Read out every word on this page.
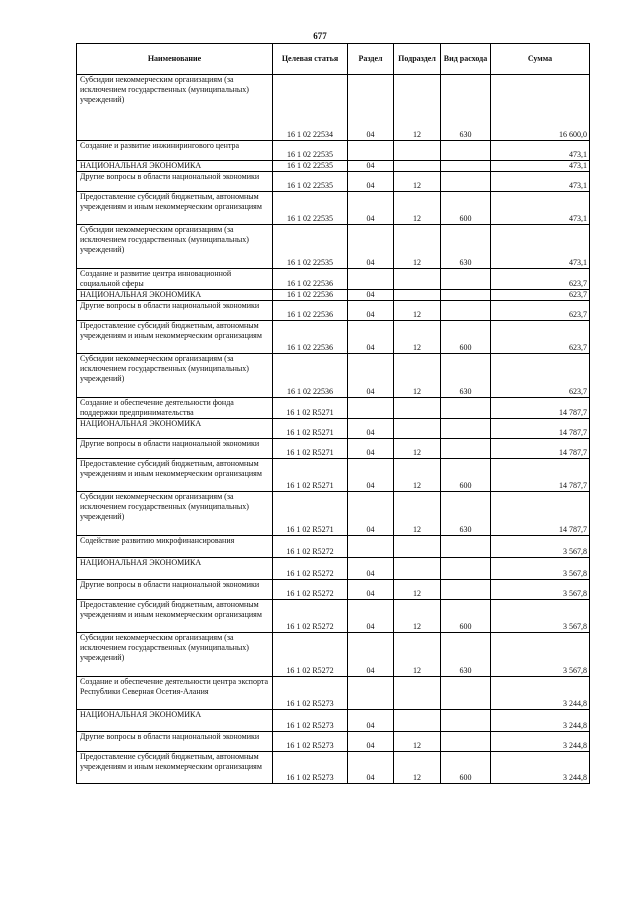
677
Наименование	Целевая статья	Раздел	Подраздел	Вид расхода	Сумма
Субсидии некоммерческим организациям (за исключением государственных (муниципальных) учреждений)	16 1 02 22534	04	12	630	16 600,0
Создание и развитие инжинирингового центра	16 1 02 22535				473,1
НАЦИОНАЛЬНАЯ ЭКОНОМИКА	16 1 02 22535	04			473,1
Другие вопросы в области национальной экономики	16 1 02 22535	04	12		473,1
Предоставление субсидий бюджетным, автономным учреждениям и иным некоммерческим организациям	16 1 02 22535	04	12	600	473,1
Субсидии некоммерческим организациям (за исключением государственных (муниципальных) учреждений)	16 1 02 22535	04	12	630	473,1
Создание и развитие центра инновационной социальной сферы	16 1 02 22536				623,7
НАЦИОНАЛЬНАЯ ЭКОНОМИКА	16 1 02 22536	04			623,7
Другие вопросы в области национальной экономики	16 1 02 22536	04	12		623,7
Предоставление субсидий бюджетным, автономным учреждениям и иным некоммерческим организациям	16 1 02 22536	04	12	600	623,7
Субсидии некоммерческим организациям (за исключением государственных (муниципальных) учреждений)	16 1 02 22536	04	12	630	623,7
Создание и обеспечение деятельности фонда поддержки предпринимательства	16 1 02 R5271				14 787,7
НАЦИОНАЛЬНАЯ ЭКОНОМИКА	16 1 02 R5271	04			14 787,7
Другие вопросы в области национальной экономики	16 1 02 R5271	04	12		14 787,7
Предоставление субсидий бюджетным, автономным учреждениям и иным некоммерческим организациям	16 1 02 R5271	04	12	600	14 787,7
Субсидии некоммерческим организациям (за исключением государственных (муниципальных) учреждений)	16 1 02 R5271	04	12	630	14 787,7
Содействие развитию микрофинансирования	16 1 02 R5272				3 567,8
НАЦИОНАЛЬНАЯ ЭКОНОМИКА	16 1 02 R5272	04			3 567,8
Другие вопросы в области национальной экономики	16 1 02 R5272	04	12		3 567,8
Предоставление субсидий бюджетным, автономным учреждениям и иным некоммерческим организациям	16 1 02 R5272	04	12	600	3 567,8
Субсидии некоммерческим организациям (за исключением государственных (муниципальных) учреждений)	16 1 02 R5272	04	12	630	3 567,8
Создание и обеспечение деятельности центра экспорта Республики Северная Осетия-Алания	16 1 02 R5273				3 244,8
НАЦИОНАЛЬНАЯ ЭКОНОМИКА	16 1 02 R5273	04			3 244,8
Другие вопросы в области национальной экономики	16 1 02 R5273	04	12		3 244,8
Предоставление субсидий бюджетным, автономным учреждениям и иным некоммерческим организациям	16 1 02 R5273	04	12	600	3 244,8
